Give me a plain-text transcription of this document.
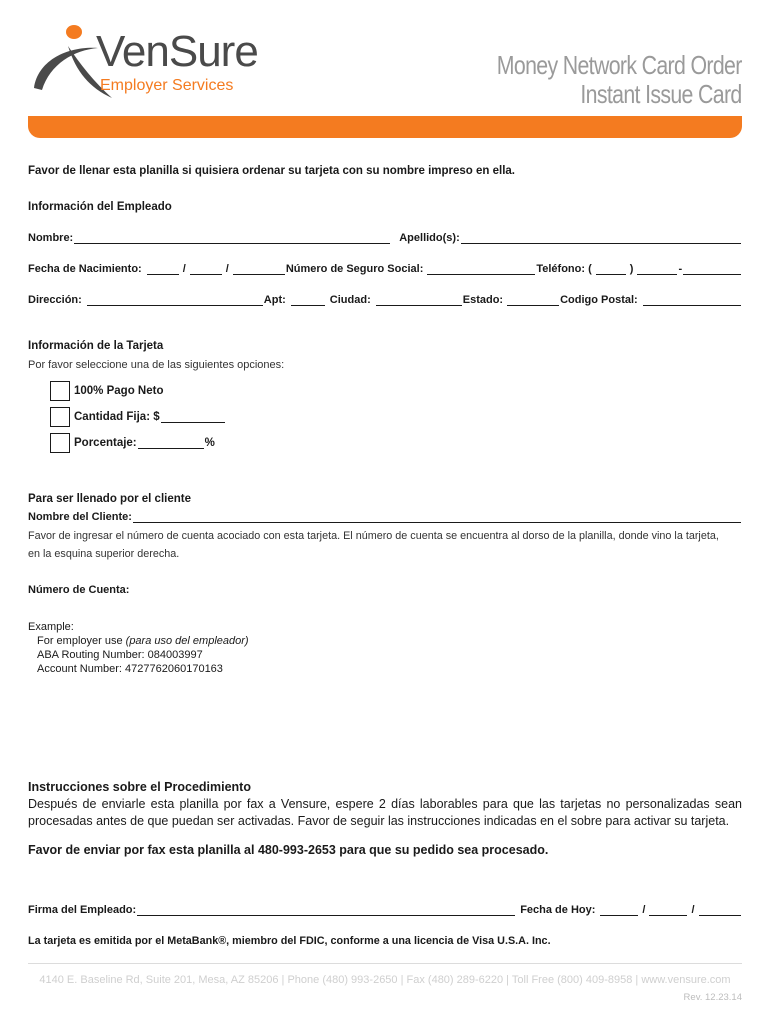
VenSure
Employer Services
Money Network Card Order
Instant Issue Card
Favor de llenar esta planilla si quisiera ordenar su tarjeta con su nombre impreso en ella.
Información del Empleado
Nombre:	Apellido(s):
Fecha de Nacimiento:	/	/	Número de Seguro Social:	Teléfono: (	)	-
Dirección:	Apt:	Ciudad:	Estado:	Codigo Postal:
Información de la Tarjeta
Por favor seleccione una de las siguientes opciones:
100% Pago Neto
Cantidad Fija: $
Porcentaje:	%
Para ser llenado por el cliente
Nombre del Cliente:
Favor de ingresar el número de cuenta acociado con esta tarjeta. El número de cuenta se encuentra al dorso de la planilla, donde vino la tarjeta,
en la esquina superior derecha.
Número de Cuenta:
Example:
For employer use (para uso del empleador)
ABA Routing Number: 084003997
Account Number: 4727762060170163
Instrucciones sobre el Procedimiento
Después de enviarle esta planilla por fax a Vensure, espere 2 días laborables para que las tarjetas no personalizadas sean procesadas antes de que puedan ser activadas. Favor de seguir las instrucciones indicadas en el sobre para activar su tarjeta.
Favor de enviar por fax esta planilla al 480-993-2653 para que su pedido sea procesado.
Firma del Empleado:	Fecha de Hoy:	/	/
La tarjeta es emitida por el MetaBank®, miembro del FDIC, conforme a una licencia de Visa U.S.A. Inc.
4140 E. Baseline Rd, Suite 201, Mesa, AZ 85206 | Phone (480) 993-2650 | Fax (480) 289-6220 | Toll Free (800) 409-8958 | www.vensure.com
Rev. 12.23.14
